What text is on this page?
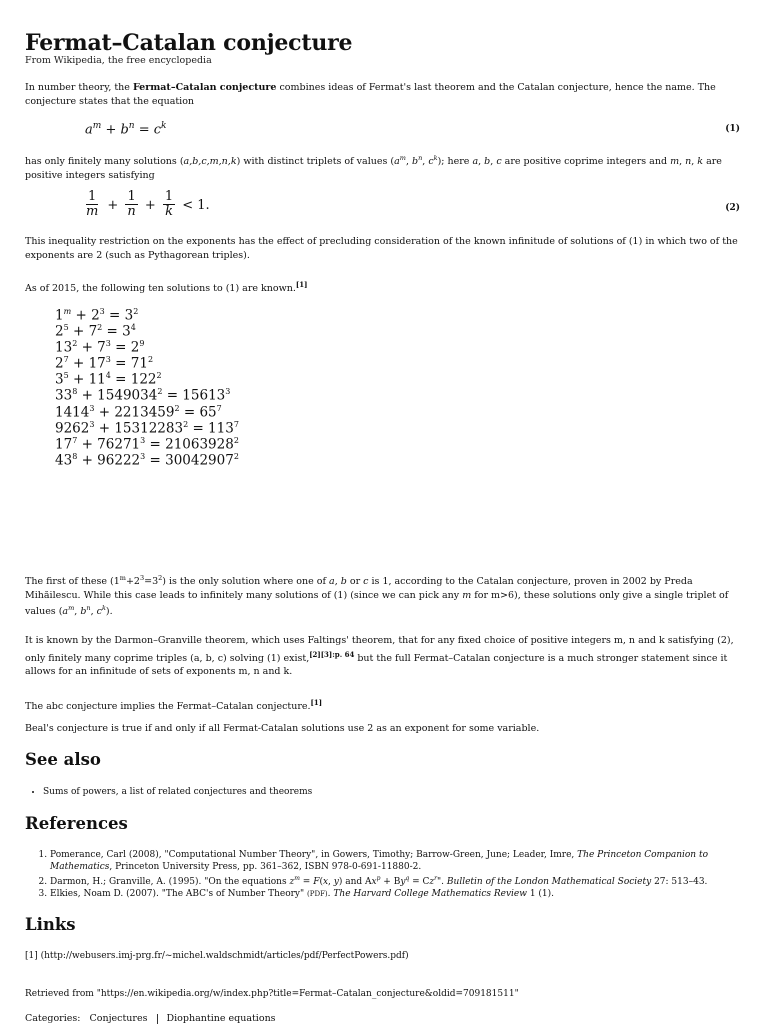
Fermat–Catalan conjecture
From Wikipedia, the free encyclopedia
In number theory, the Fermat–Catalan conjecture combines ideas of Fermat's last theorem and the Catalan conjecture, hence the name. The conjecture states that the equation
$a^m + b^n = c^k$	(1)
has only finitely many solutions (a,b,c,m,n,k) with distinct triplets of values ($a^m$, $b^n$, $c^k$); here a, b, c are positive coprime integers and m, n, k are positive integers satisfying
$\frac{1}{m} + \frac{1}{n} + \frac{1}{k} < 1$.	(2)
This inequality restriction on the exponents has the effect of precluding consideration of the known infinitude of solutions of (1) in which two of the exponents are 2 (such as Pythagorean triples).
As of 2015, the following ten solutions to (1) are known.[1]
$1^m + 2^3 = 3^2$
$2^5 + 7^2 = 3^4$
$13^2 + 7^3 = 2^9$
$2^7 + 17^3 = 71^2$
$3^5 + 11^4 = 122^2$
$33^8 + 1549034^2 = 15613^3$
$1414^3 + 2213459^2 = 65^7$
$9262^3 + 15312283^2 = 113^7$
$17^7 + 76271^3 = 21063928^2$
$43^8 + 96222^3 = 30042907^2$
The first of these $(1^m+2^3=3^2)$ is the only solution where one of a, b or c is 1, according to the Catalan conjecture, proven in 2002 by Preda Mihăilescu. While this case leads to infinitely many solutions of (1) (since we can pick any m for m>6), these solutions only give a single triplet of values ($a^m$, $b^n$, $c^k$).
It is known by the Darmon–Granville theorem, which uses Faltings' theorem, that for any fixed choice of positive integers m, n and k satisfying (2), only finitely many coprime triples (a, b, c) solving (1) exist,$^{[2][3]:p. 64}$ but the full Fermat–Catalan conjecture is a much stronger statement since it allows for an infinitude of sets of exponents m, n and k.
The abc conjecture implies the Fermat–Catalan conjecture.[1]
Beal's conjecture is true if and only if all Fermat-Catalan solutions use 2 as an exponent for some variable.
See also
• Sums of powers, a list of related conjectures and theorems
References
1. Pomerance, Carl (2008), "Computational Number Theory", in Gowers, Timothy; Barrow-Green, June; Leader, Imre, The Princeton Companion to Mathematics, Princeton University Press, pp. 361–362, ISBN 978-0-691-11880-2.
2. Darmon, H.; Granville, A. (1995). "On the equations $z^m = F(x$, y) and $Ax^p + By^q = Cz^r$". Bulletin of the London Mathematical Society 27: 513–43.
3. Elkies, Noam D. (2007). "The ABC's of Number Theory" (PDF). The Harvard College Mathematics Review 1 (1).
Links
[1] (http://webusers.imj-prg.fr/~michel.waldschmidt/articles/pdf/PerfectPowers.pdf)
Retrieved from "https://en.wikipedia.org/w/index.php?title=Fermat–Catalan_conjecture&oldid=709181511"
Categories: Conjectures Diophantine equations
